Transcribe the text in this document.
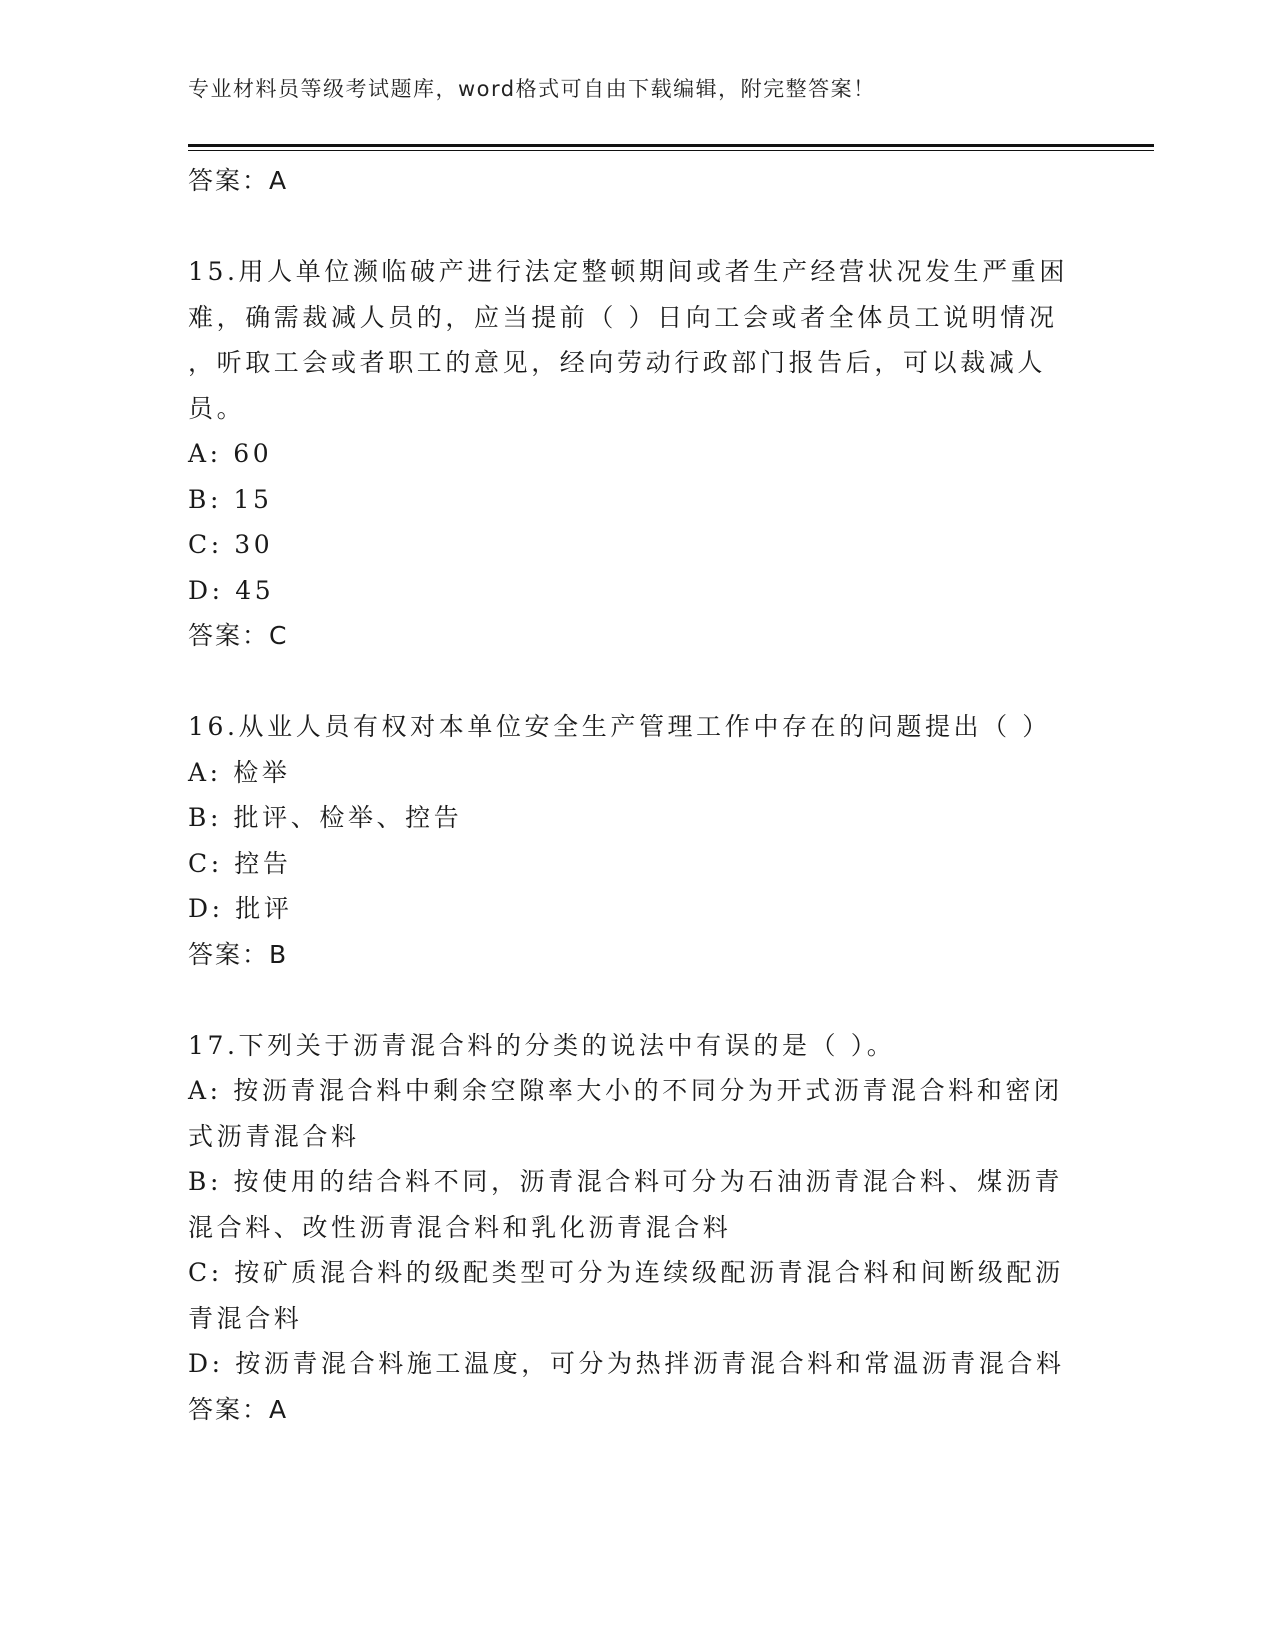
专业材料员等级考试题库，word格式可自由下载编辑，附完整答案！

答案：A

15.用人单位濒临破产进行法定整顿期间或者生产经营状况发生严重困

难，确需裁减人员的，应当提前（ ）日向工会或者全体员工说明情况

，听取工会或者职工的意见，经向劳动行政部门报告后，可以裁减人

员。

A: 60

B: 15

C: 30

D: 45

答案：C

16.从业人员有权对本单位安全生产管理工作中存在的问题提出（ ）

A: 检举

B: 批评、检举、控告

C: 控告

D: 批评

答案：B

17.下列关于沥青混合料的分类的说法中有误的是（ ）。

A: 按沥青混合料中剩余空隙率大小的不同分为开式沥青混合料和密闭

式沥青混合料

B: 按使用的结合料不同，沥青混合料可分为石油沥青混合料、煤沥青

混合料、改性沥青混合料和乳化沥青混合料

C: 按矿质混合料的级配类型可分为连续级配沥青混合料和间断级配沥

青混合料

D: 按沥青混合料施工温度，可分为热拌沥青混合料和常温沥青混合料

答案：A
